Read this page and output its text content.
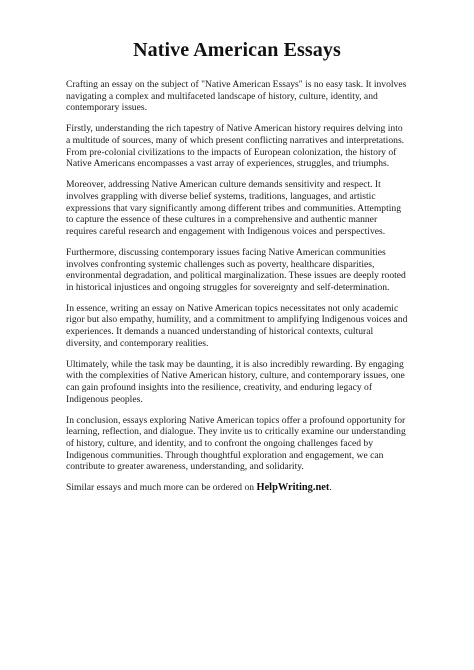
Native American Essays

Crafting an essay on the subject of "Native American Essays" is no easy task. It involves navigating a complex and multifaceted landscape of history, culture, identity, and contemporary issues.

Firstly, understanding the rich tapestry of Native American history requires delving into a multitude of sources, many of which present conflicting narratives and interpretations. From pre-colonial civilizations to the impacts of European colonization, the history of Native Americans encompasses a vast array of experiences, struggles, and triumphs.

Moreover, addressing Native American culture demands sensitivity and respect. It involves grappling with diverse belief systems, traditions, languages, and artistic expressions that vary significantly among different tribes and communities. Attempting to capture the essence of these cultures in a comprehensive and authentic manner requires careful research and engagement with Indigenous voices and perspectives.

Furthermore, discussing contemporary issues facing Native American communities involves confronting systemic challenges such as poverty, healthcare disparities, environmental degradation, and political marginalization. These issues are deeply rooted in historical injustices and ongoing struggles for sovereignty and self-determination.

In essence, writing an essay on Native American topics necessitates not only academic rigor but also empathy, humility, and a commitment to amplifying Indigenous voices and experiences. It demands a nuanced understanding of historical contexts, cultural diversity, and contemporary realities.

Ultimately, while the task may be daunting, it is also incredibly rewarding. By engaging with the complexities of Native American history, culture, and contemporary issues, one can gain profound insights into the resilience, creativity, and enduring legacy of Indigenous peoples.

In conclusion, essays exploring Native American topics offer a profound opportunity for learning, reflection, and dialogue. They invite us to critically examine our understanding of history, culture, and identity, and to confront the ongoing challenges faced by Indigenous communities. Through thoughtful exploration and engagement, we can contribute to greater awareness, understanding, and solidarity.

Similar essays and much more can be ordered on HelpWriting.net.
